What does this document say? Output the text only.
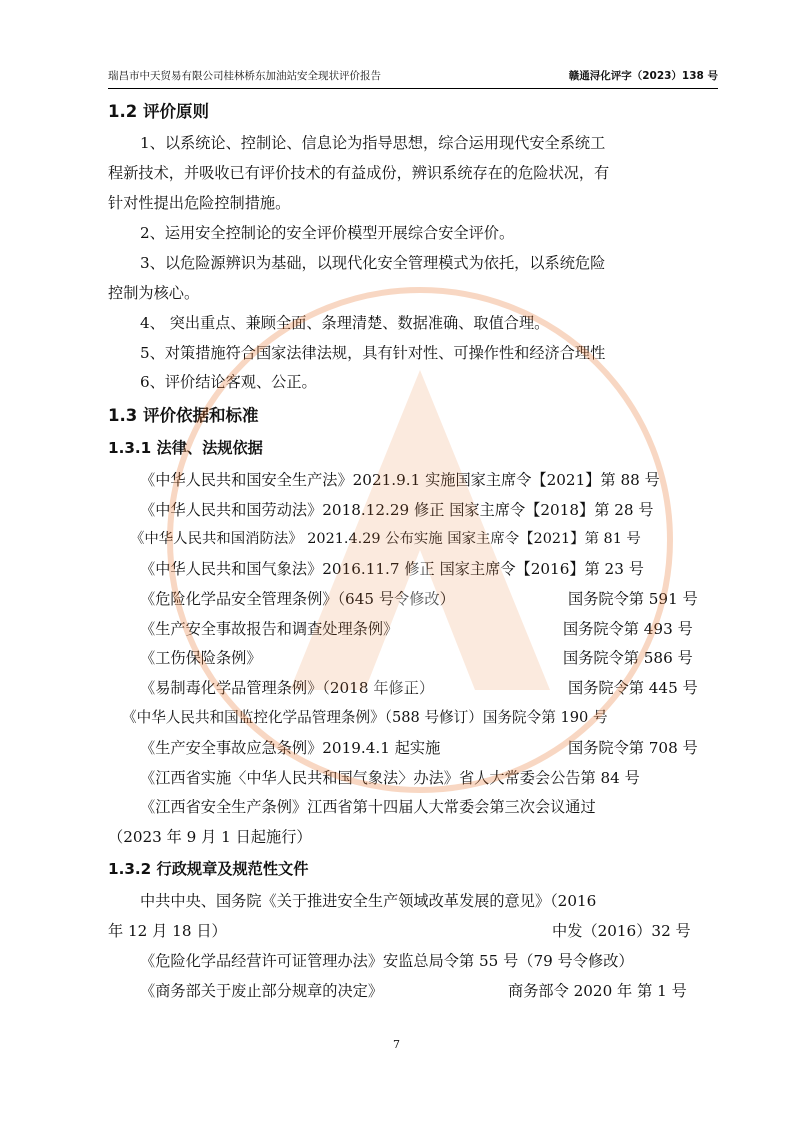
瑞昌市中天贸易有限公司桂林桥东加油站安全现状评价报告	赣通浔化评字（2023）138 号
1.2 评价原则
1、以系统论、控制论、信息论为指导思想，综合运用现代安全系统工
程新技术，并吸收已有评价技术的有益成份，辨识系统存在的危险状况，有
针对性提出危险控制措施。
2、运用安全控制论的安全评价模型开展综合安全评价。
3、以危险源辨识为基础，以现代化安全管理模式为依托，以系统危险
控制为核心。
4、 突出重点、兼顾全面、条理清楚、数据准确、取值合理。
5、对策措施符合国家法律法规，具有针对性、可操作性和经济合理性
6、评价结论客观、公正。
1.3 评价依据和标准
1.3.1 法律、法规依据
《中华人民共和国安全生产法》2021.9.1 实施国家主席令【2021】第 88 号
《中华人民共和国劳动法》2018.12.29 修正 国家主席令【2018】第 28 号
《中华人民共和国消防法》 2021.4.29 公布实施 国家主席令【2021】第 81 号
《中华人民共和国气象法》2016.11.7 修正 国家主席令【2016】第 23 号
《危险化学品安全管理条例》（645 号令修改）	国务院令第 591 号
《生产安全事故报告和调查处理条例》	国务院令第 493 号
《工伤保险条例》	国务院令第 586 号
《易制毒化学品管理条例》（2018 年修正）	国务院令第 445 号
《中华人民共和国监控化学品管理条例》（588 号修订）国务院令第 190 号
《生产安全事故应急条例》2019.4.1 起实施	国务院令第 708 号
《江西省实施〈中华人民共和国气象法〉办法》省人大常委会公告第 84 号
《江西省安全生产条例》江西省第十四届人大常委会第三次会议通过
（2023 年 9 月 1 日起施行）
1.3.2 行政规章及规范性文件
中共中央、国务院《关于推进安全生产领域改革发展的意见》（2016
年 12 月 18 日）	中发（2016）32 号
《危险化学品经营许可证管理办法》安监总局令第 55 号（79 号令修改）
《商务部关于废止部分规章的决定》	商务部令 2020 年 第 1 号
7
